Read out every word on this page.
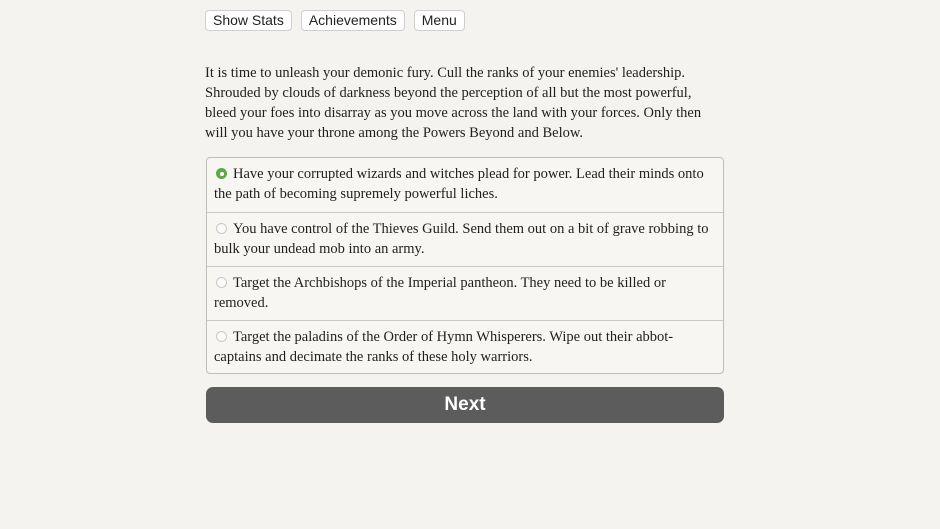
Show Stats	Achievements	Menu

It is time to unleash your demonic fury. Cull the ranks of your enemies' leadership. Shrouded by clouds of darkness beyond the perception of all but the most powerful, bleed your foes into disarray as you move across the land with your forces. Only then will you have your throne among the Powers Beyond and Below.

Have your corrupted wizards and witches plead for power. Lead their minds onto the path of becoming supremely powerful liches.
You have control of the Thieves Guild. Send them out on a bit of grave robbing to bulk your undead mob into an army.
Target the Archbishops of the Imperial pantheon. They need to be killed or removed.
Target the paladins of the Order of Hymn Whisperers. Wipe out their abbot-captains and decimate the ranks of these holy warriors.
Next
